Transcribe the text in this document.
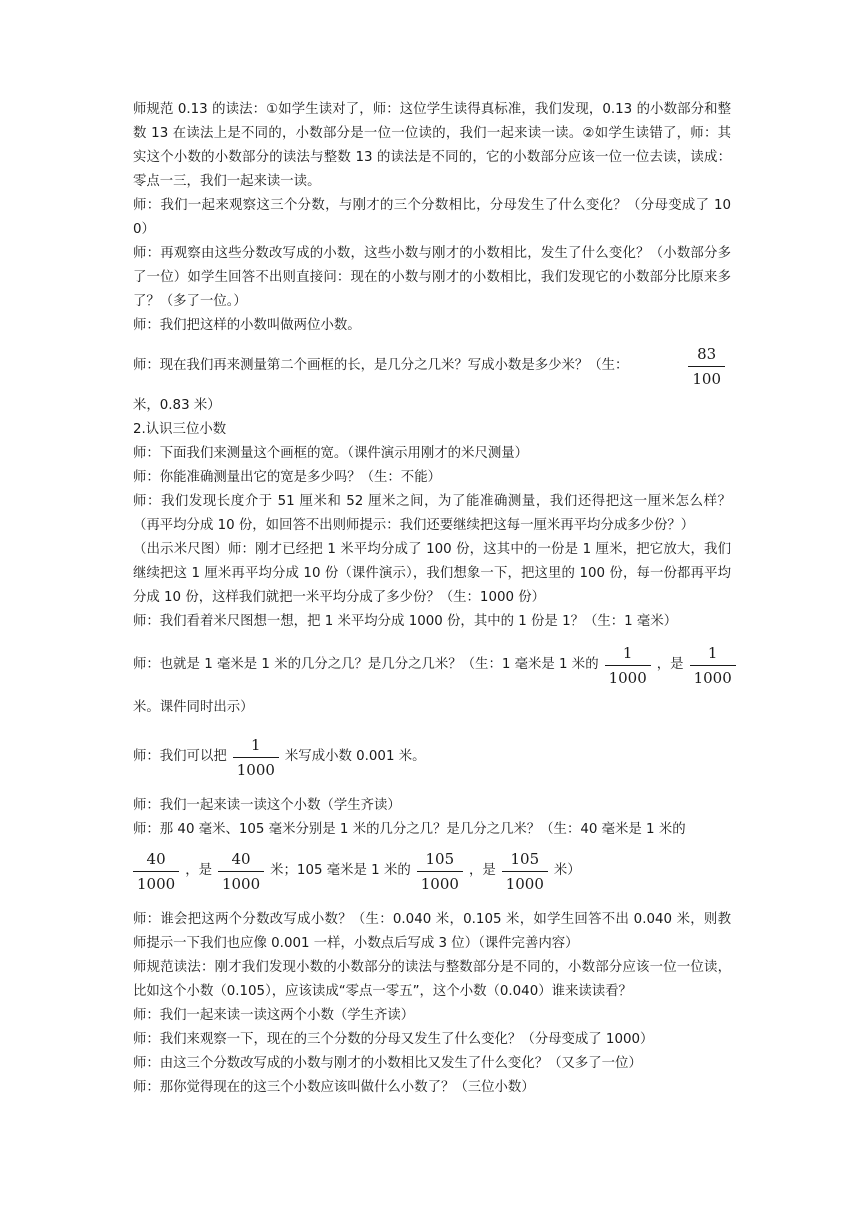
师规范 0.13 的读法：①如学生读对了，师：这位学生读得真标准，我们发现，0.13 的小数部分和整数 13 在读法上是不同的，小数部分是一位一位读的，我们一起来读一读。②如学生读错了，师：其实这个小数的小数部分的读法与整数 13 的读法是不同的，它的小数部分应该一位一位去读，读成：零点一三，我们一起来读一读。

师：我们一起来观察这三个分数，与刚才的三个分数相比，分母发生了什么变化？（分母变成了 100）

师：再观察由这些分数改写成的小数，这些小数与刚才的小数相比，发生了什么变化？（小数部分多了一位）如学生回答不出则直接问：现在的小数与刚才的小数相比，我们发现它的小数部分比原来多了？（多了一位。）

师：我们把这样的小数叫做两位小数。

师：现在我们再来测量第二个画框的长，是几分之几米？写成小数是多少米？（生：	$\frac{83}{100}$

米，0.83 米）

2.认识三位小数

师：下面我们来测量这个画框的宽。（课件演示用刚才的米尺测量）

师：你能准确测量出它的宽是多少吗？（生：不能）

师：我们发现长度介于 51 厘米和 52 厘米之间，为了能准确测量，我们还得把这一厘米怎么样？（再平均分成 10 份，如回答不出则师提示：我们还要继续把这每一厘米再平均分成多少份？）

（出示米尺图）师：刚才已经把 1 米平均分成了 100 份，这其中的一份是 1 厘米，把它放大，我们继续把这 1 厘米再平均分成 10 份（课件演示），我们想象一下，把这里的 100 份，每一份都再平均分成 10 份，这样我们就把一米平均分成了多少份？（生：1000 份）

师：我们看着米尺图想一想，把 1 米平均分成 1000 份，其中的 1 份是 1？（生：1 毫米）

师：也就是 1 毫米是 1 米的几分之几？是几分之几米？（生：1 毫米是 1 米的 $\frac{1}{1000}$ ，是 $\frac{1}{1000}$

米。课件同时出示）

师：我们可以把 $\frac{1}{1000}$ 米写成小数 0.001 米。

师：我们一起来读一读这个小数（学生齐读）

师：那 40 毫米、105 毫米分别是 1 米的几分之几？是几分之几米？（生：40 毫米是 1 米的

$\frac{40}{1000}$ ，是 $\frac{40}{1000}$ 米；105 毫米是 1 米的 $\frac{105}{1000}$ ，是 $\frac{105}{1000}$ 米）

师：谁会把这两个分数改写成小数？（生：0.040 米，0.105 米，如学生回答不出 0.040 米，则教师提示一下我们也应像 0.001 一样，小数点后写成 3 位）（课件完善内容）

师规范读法：刚才我们发现小数的小数部分的读法与整数部分是不同的，小数部分应该一位一位读，比如这个小数（0.105），应该读成“零点一零五”，这个小数（0.040）谁来读读看？

师：我们一起来读一读这两个小数（学生齐读）

师：我们来观察一下，现在的三个分数的分母又发生了什么变化？（分母变成了 1000）

师：由这三个分数改写成的小数与刚才的小数相比又发生了什么变化？（又多了一位）

师：那你觉得现在的这三个小数应该叫做什么小数了？（三位小数）
